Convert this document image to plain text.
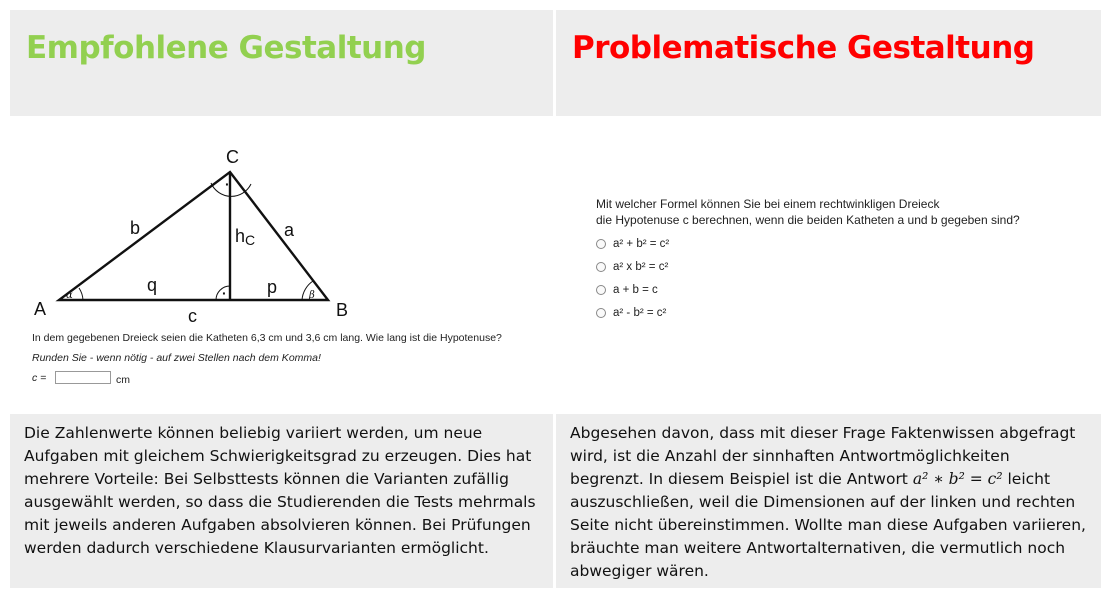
Empfohlene Gestaltung	Problematische Gestaltung
A	B
C
b	a
c
q	p
h C
α	β
·
·
In dem gegebenen Dreieck seien die Katheten 6,3 cm und 3,6 cm lang. Wie lang ist die Hypotenuse?
Runden Sie - wenn nötig - auf zwei Stellen nach dem Komma!
c =	cm
Mit welcher Formel können Sie bei einem rechtwinkligen Dreieck
die Hypotenuse c berechnen, wenn die beiden Katheten a und b gegeben sind?
a² + b² = c²
a² x b² = c²
a + b = c
a² - b² = c²

Die Zahlenwerte können beliebig variiert werden, um neue Aufgaben mit gleichem Schwierigkeitsgrad zu erzeugen. Dies hat mehrere Vorteile: Bei Selbsttests können die Varianten zufällig ausgewählt werden, so dass die Studierenden die Tests mehrmals mit jeweils anderen Aufgaben absolvieren können. Bei Prüfungen werden dadurch verschiedene Klausurvarianten ermöglicht.

Abgesehen davon, dass mit dieser Frage Faktenwissen abgefragt wird, ist die Anzahl der sinnhaften Antwortmöglichkeiten begrenzt. In diesem Beispiel ist die Antwort a² ∗ b² = c² leicht auszuschließen, weil die Dimensionen auf der linken und rechten Seite nicht übereinstimmen. Wollte man diese Aufgaben variieren, bräuchte man weitere Antwortalternativen, die vermutlich noch abwegiger wären.
